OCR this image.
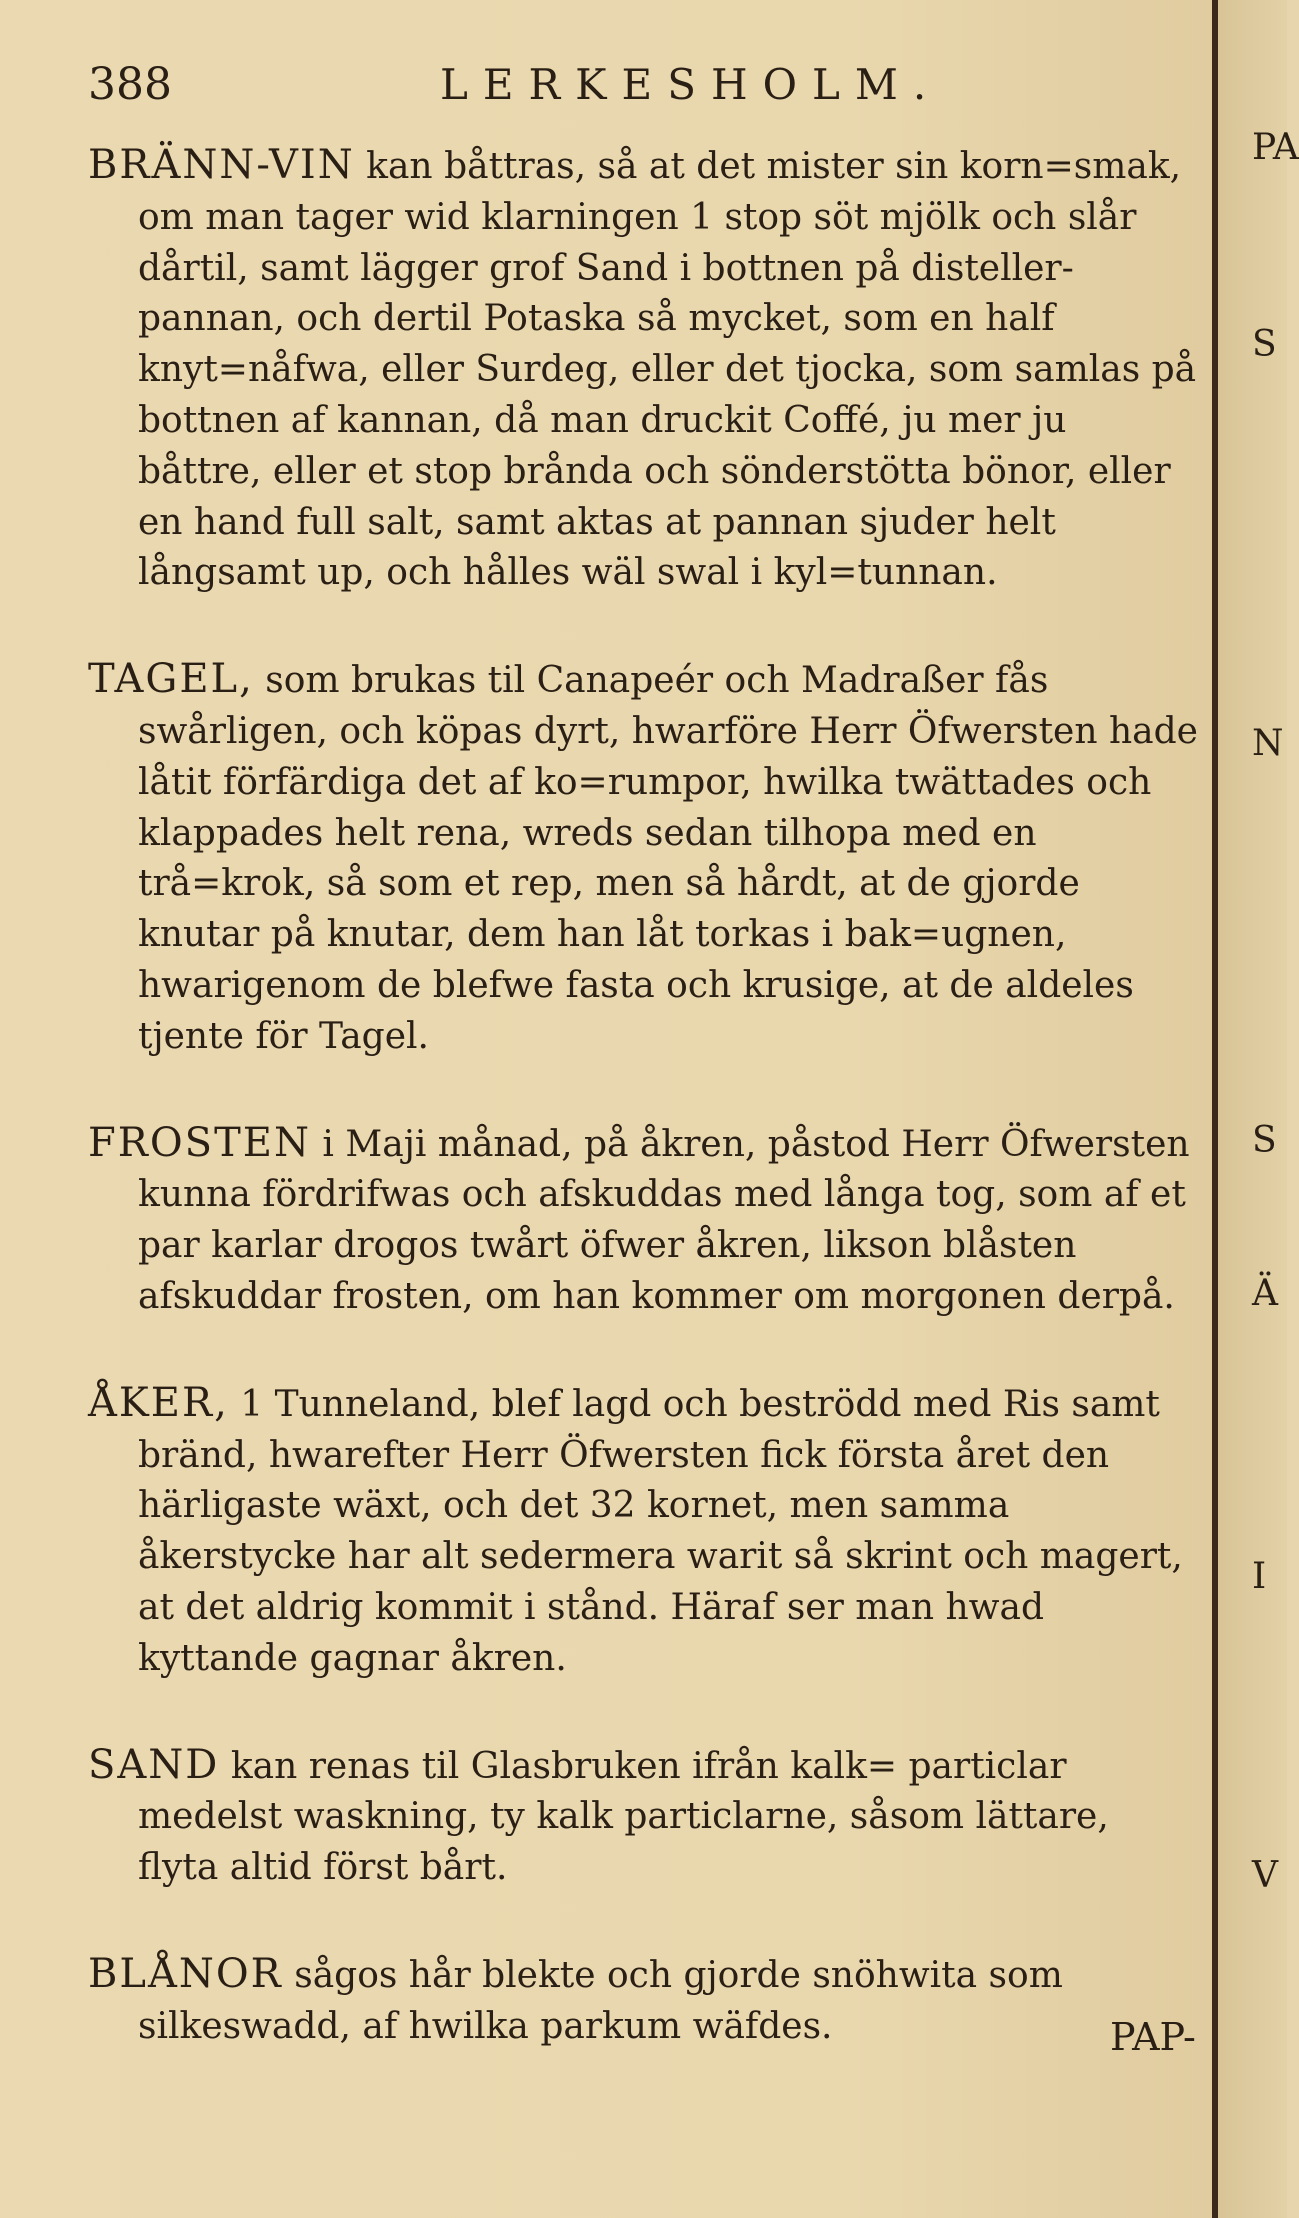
388	LERKESHOLM.

BRÄNN-VIN kan båttras, så at det mister sin korn=smak, om man tager wid klarningen 1 stop söt mjölk och slår dårtil, samt lägger grof Sand i bottnen på disteller-pannan, och dertil Potaska så mycket, som en half knyt=nåfwa, eller Surdeg, eller det tjocka, som samlas på bottnen af kannan, då man druckit Coffé, ju mer ju båttre, eller et stop brånda och sönderstötta bönor, eller en hand full salt, samt aktas at pannan sjuder helt långsamt up, och hålles wäl swal i kyl=tunnan.

TAGEL, som brukas til Canapeér och Madraßer fås swårligen, och köpas dyrt, hwarföre Herr Öfwersten hade låtit förfärdiga det af ko=rumpor, hwilka twättades och klappades helt rena, wreds sedan tilhopa med en trå=krok, så som et rep, men så hårdt, at de gjorde knutar på knutar, dem han låt torkas i bak=ugnen, hwarigenom de blefwe fasta och krusige, at de aldeles tjente för Tagel.

FROSTEN i Maji månad, på åkren, påstod Herr Öfwersten kunna fördrifwas och afskuddas med långa tog, som af et par karlar drogos twårt öfwer åkren, likson blåsten afskuddar frosten, om han kommer om morgonen derpå.

ÅKER, 1 Tunneland, blef lagd och beströdd med Ris samt bränd, hwarefter Herr Öfwersten fick första året den härligaste wäxt, och det 32 kornet, men samma åkerstycke har alt sedermera warit så skrint och magert, at det aldrig kommit i stånd. Häraf ser man hwad kyttande gagnar åkren.

SAND kan renas til Glasbruken ifrån kalk= particlar medelst waskning, ty kalk particlarne, såsom lättare, flyta altid först bårt.

BLÅNOR sågos hår blekte och gjorde snöhwita som silkeswadd, af hwilka parkum wäfdes.	PAP-
PA
S
N
S
Ä
I
V
